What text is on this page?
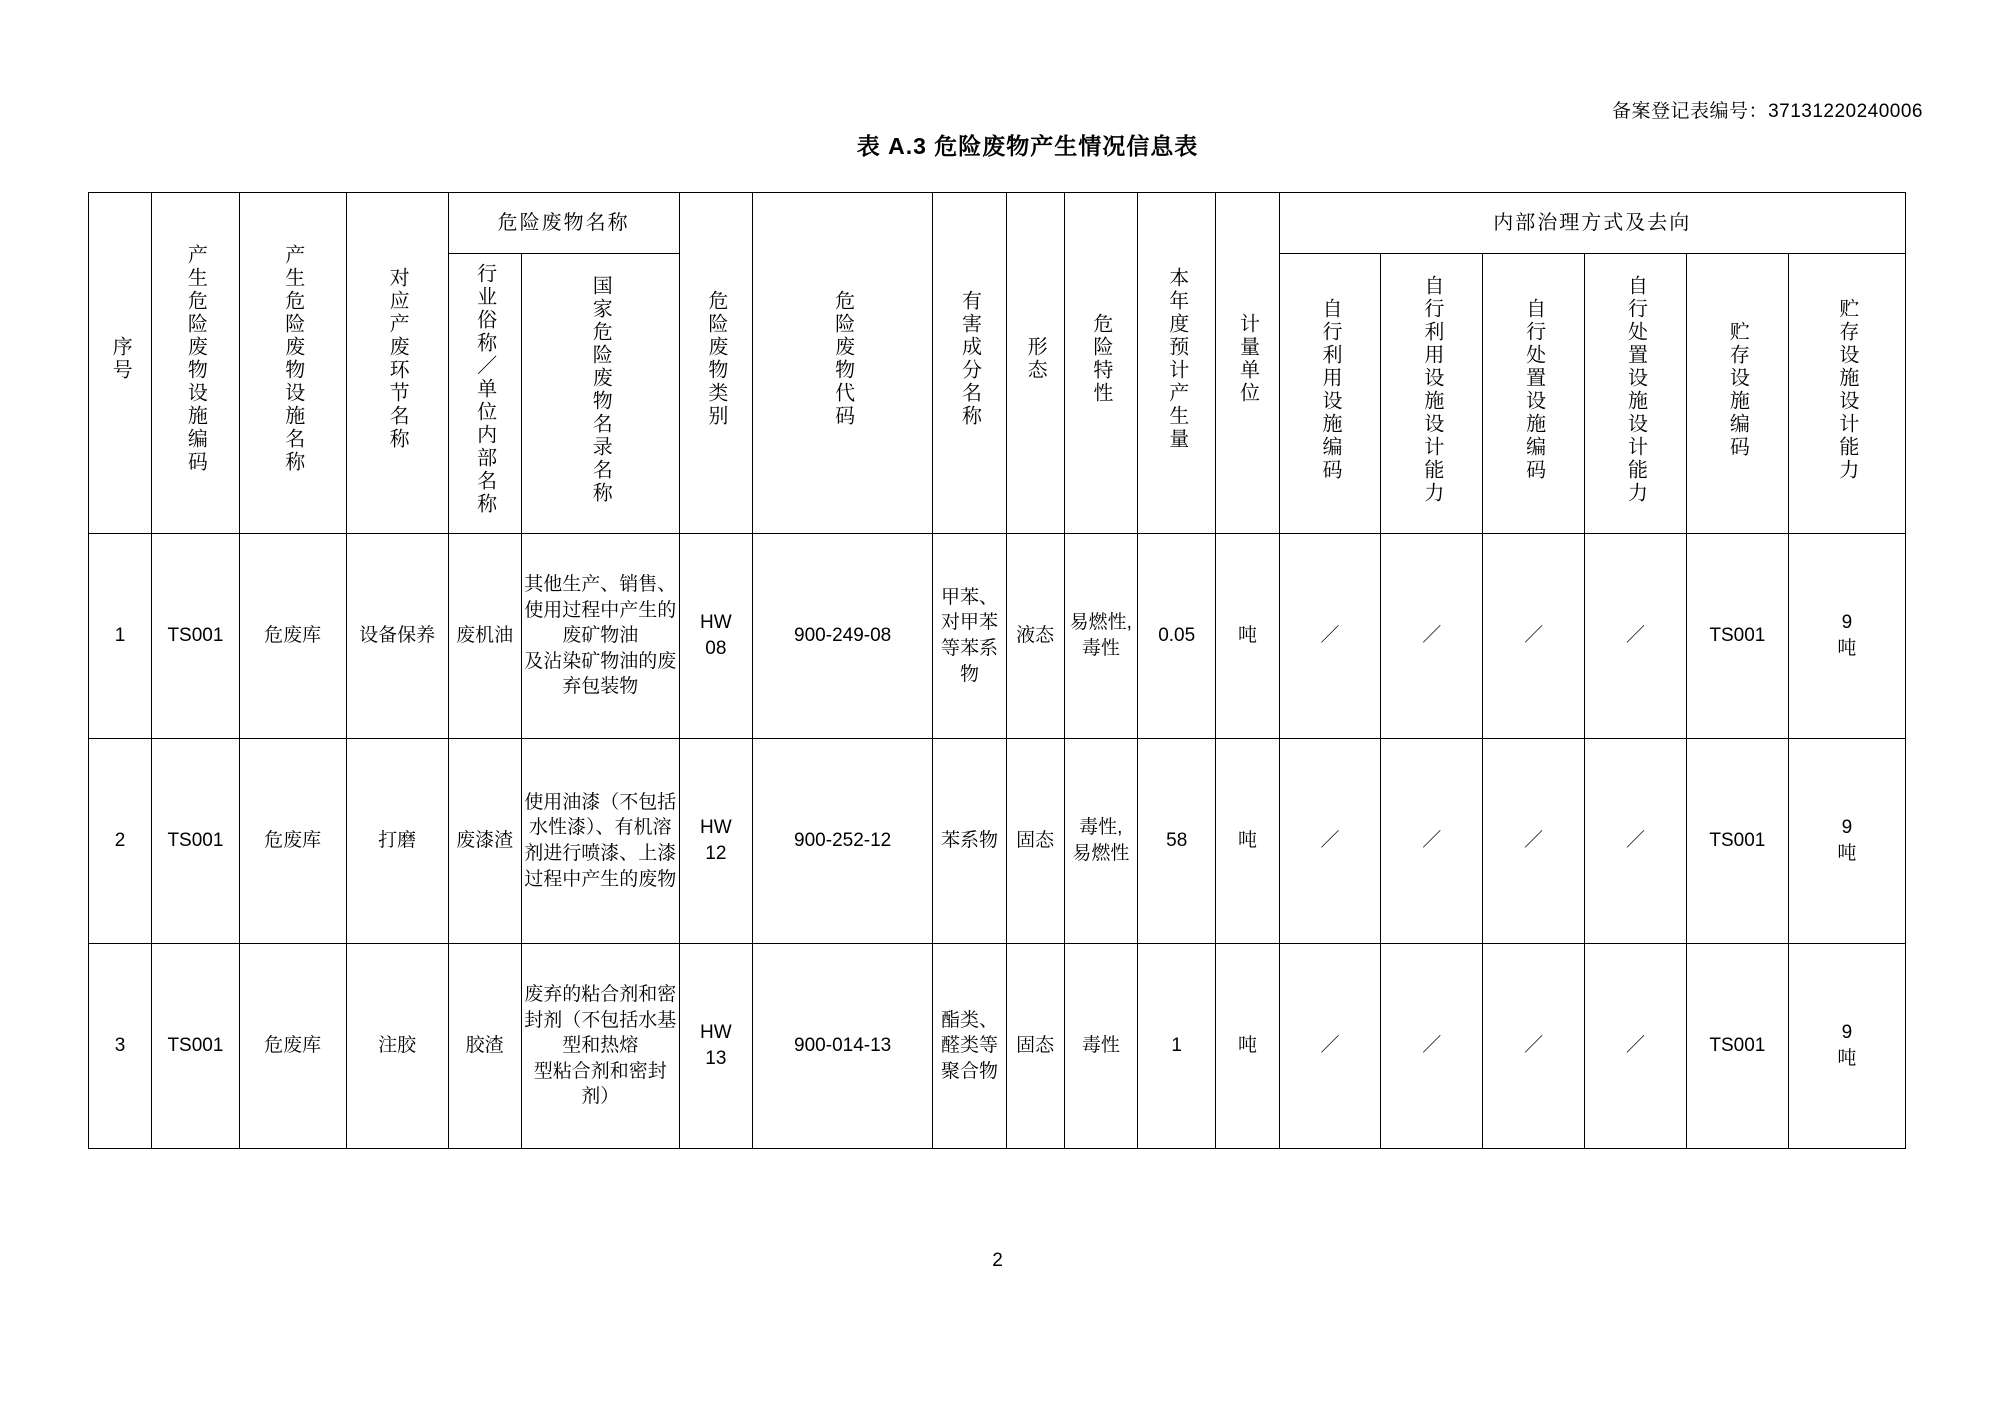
备案登记表编号：37131220240006
表 A.3 危险废物产生情况信息表
序号	产生危险废物设施编码	产生危险废物设施名称	对应产废环节名称	危险废物名称		危险废物类别	危险废物代码	有害成分名称	形态	危险特性	本年度预计产生量	计量单位	内部治理方式及去向					
				行业俗称／单位内部名称	国家危险废物名录名称								自行利用设施编码	自行利用设施设计能力	自行处置设施编码	自行处置设施设计能力	贮存设施编码	贮存设施设计能力

1	TS001	危废库	设备保养	废机油	其他生产、销售、使用过程中产生的废矿物油
及沾染矿物油的废弃包装物	HW
08	900-249-08	甲苯、对甲苯等苯系物	液态	易燃性,
毒性	0.05	吨	／	／	／	／	TS001	9
吨

2	TS001	危废库	打磨	废漆渣	使用油漆（不包括水性漆）、有机溶剂进行喷漆、上漆过程中产生的废物	HW
12	900-252-12	苯系物	固态	毒性,
易燃性	58	吨	／	／	／	／	TS001	9
吨

3	TS001	危废库	注胶	胶渣	废弃的粘合剂和密封剂（不包括水基型和热熔
型粘合剂和密封剂）	HW
13	900-014-13	酯类、醛类等聚合物	固态	毒性	1	吨	／	／	／	／	TS001	9
吨
2
